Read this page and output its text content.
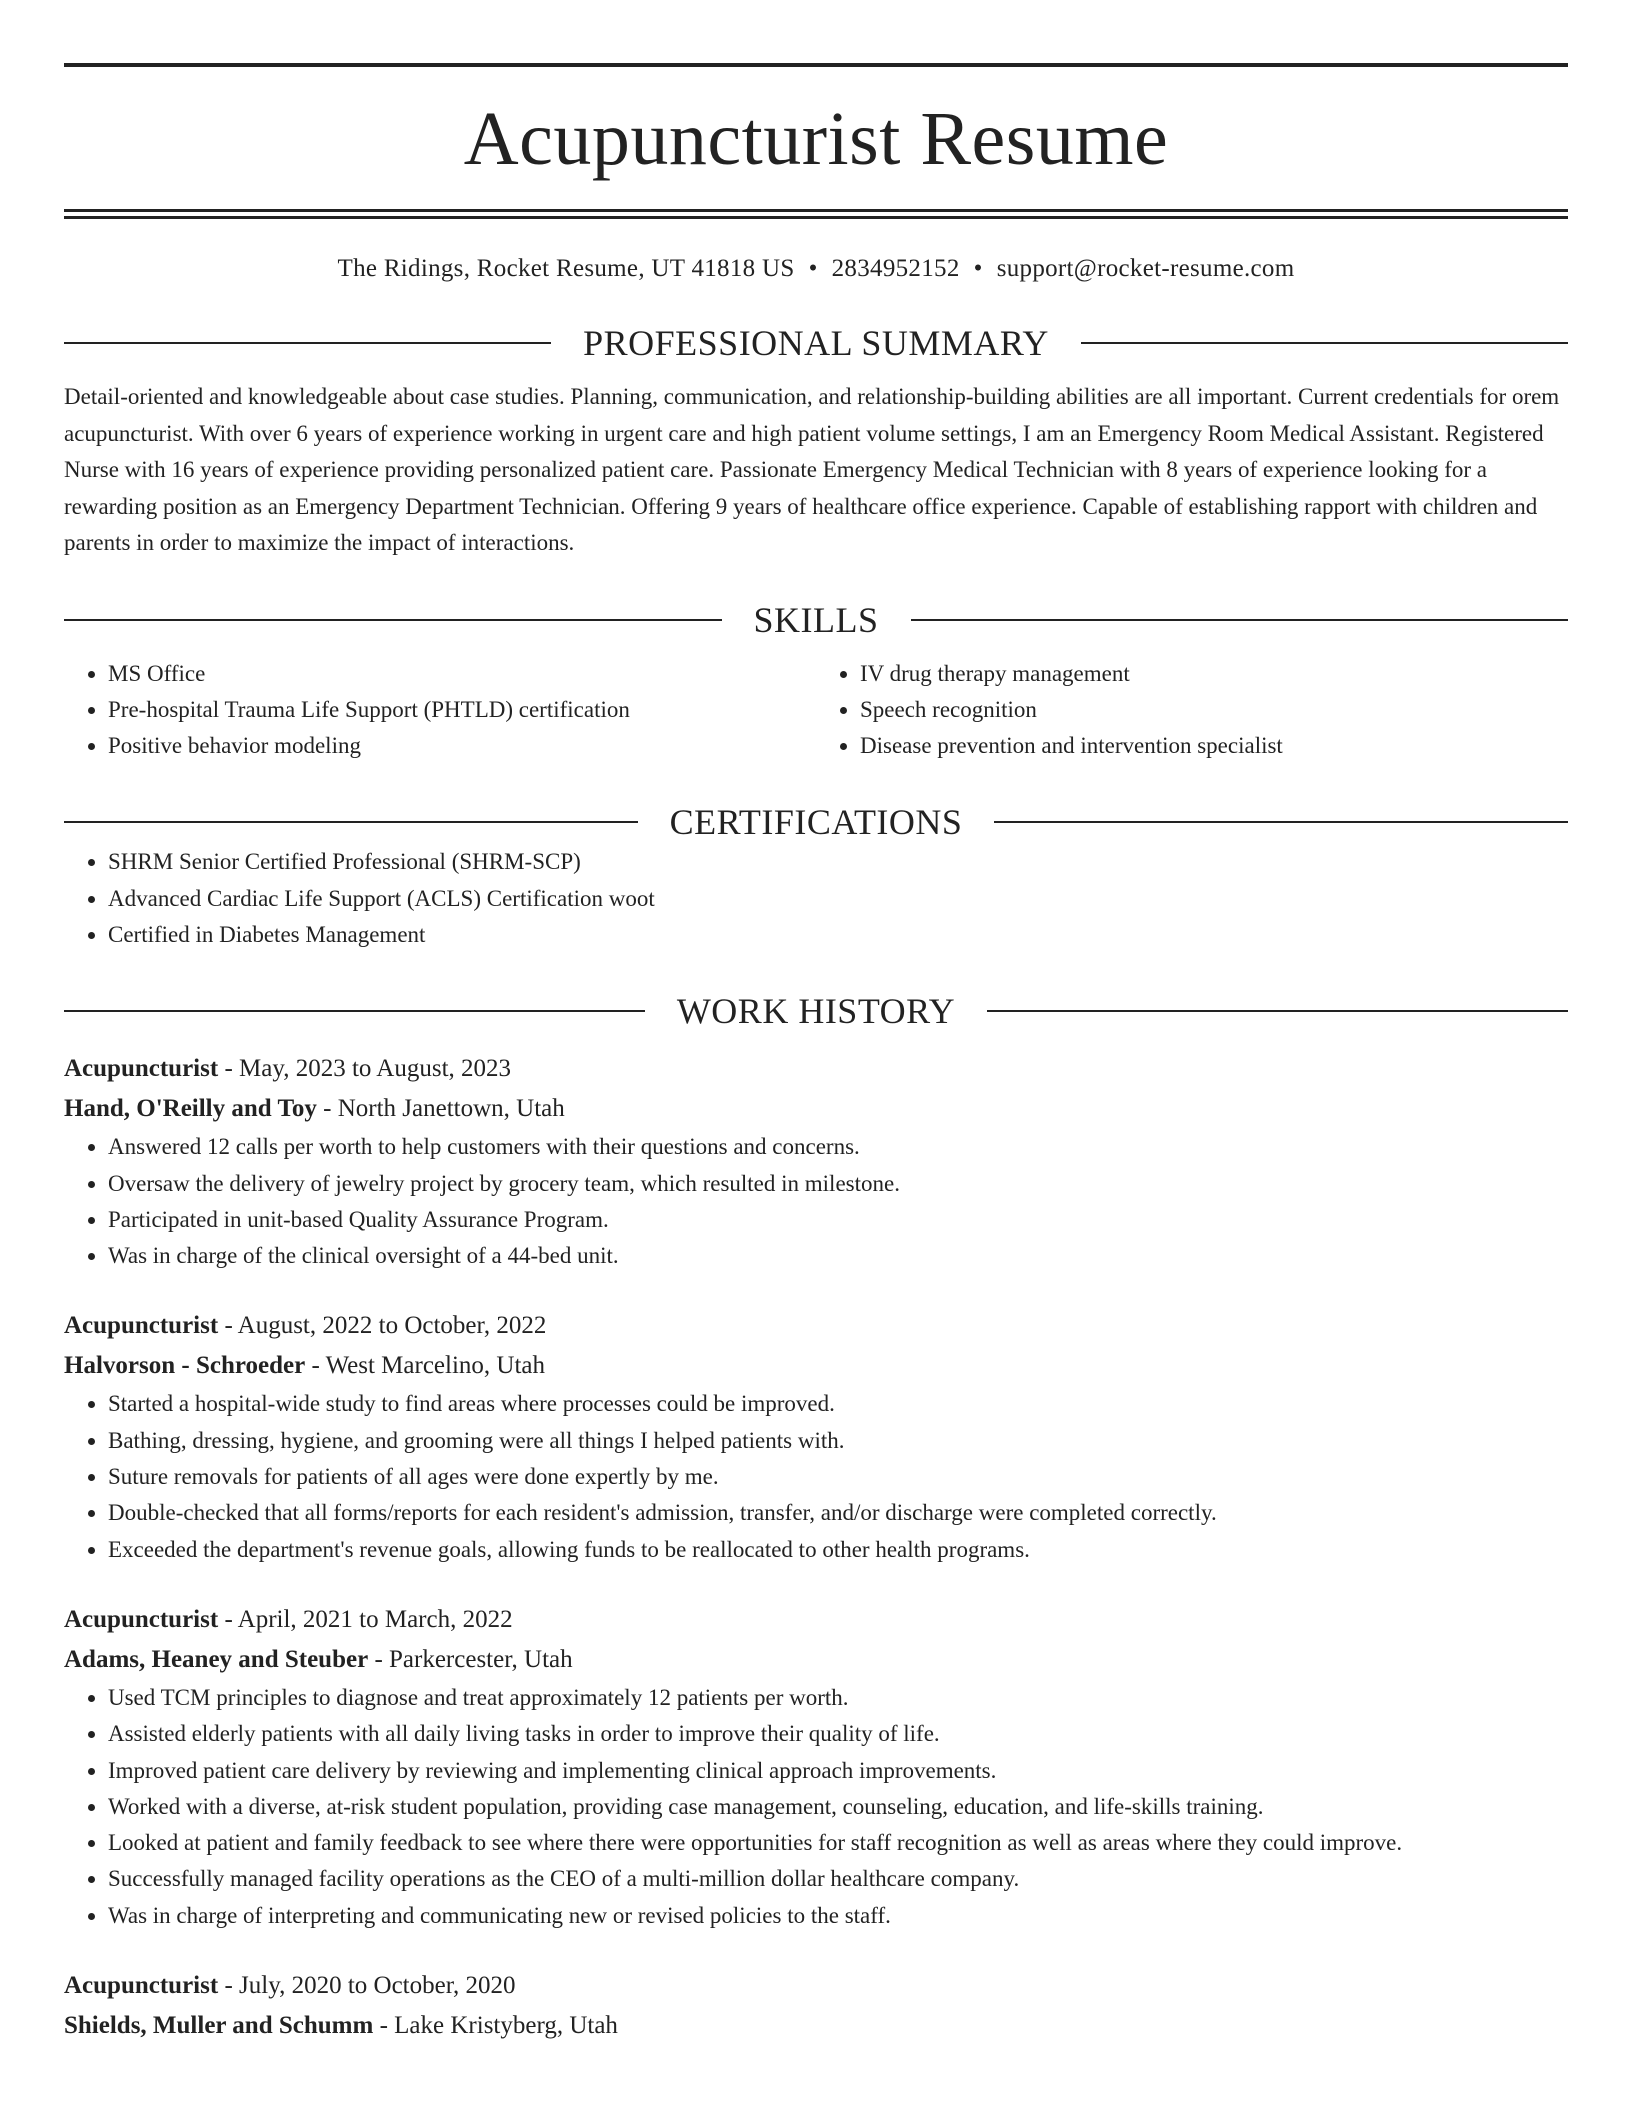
Acupuncturist Resume
The Ridings, Rocket Resume, UT 41818 US • 2834952152 • support@rocket-resume.com
PROFESSIONAL SUMMARY
Detail-oriented and knowledgeable about case studies. Planning, communication, and relationship-building abilities are all important. Current credentials for orem acupuncturist. With over 6 years of experience working in urgent care and high patient volume settings, I am an Emergency Room Medical Assistant. Registered Nurse with 16 years of experience providing personalized patient care. Passionate Emergency Medical Technician with 8 years of experience looking for a rewarding position as an Emergency Department Technician. Offering 9 years of healthcare office experience. Capable of establishing rapport with children and parents in order to maximize the impact of interactions.
SKILLS
• MS Office
• Pre-hospital Trauma Life Support (PHTLD) certification
• Positive behavior modeling
• IV drug therapy management
• Speech recognition
• Disease prevention and intervention specialist
CERTIFICATIONS
• SHRM Senior Certified Professional (SHRM-SCP)
• Advanced Cardiac Life Support (ACLS) Certification woot
• Certified in Diabetes Management
WORK HISTORY
Acupuncturist - May, 2023 to August, 2023
Hand, O'Reilly and Toy - North Janettown, Utah
• Answered 12 calls per worth to help customers with their questions and concerns.
• Oversaw the delivery of jewelry project by grocery team, which resulted in milestone.
• Participated in unit-based Quality Assurance Program.
• Was in charge of the clinical oversight of a 44-bed unit.
Acupuncturist - August, 2022 to October, 2022
Halvorson - Schroeder - West Marcelino, Utah
• Started a hospital-wide study to find areas where processes could be improved.
• Bathing, dressing, hygiene, and grooming were all things I helped patients with.
• Suture removals for patients of all ages were done expertly by me.
• Double-checked that all forms/reports for each resident's admission, transfer, and/or discharge were completed correctly.
• Exceeded the department's revenue goals, allowing funds to be reallocated to other health programs.
Acupuncturist - April, 2021 to March, 2022
Adams, Heaney and Steuber - Parkercester, Utah
• Used TCM principles to diagnose and treat approximately 12 patients per worth.
• Assisted elderly patients with all daily living tasks in order to improve their quality of life.
• Improved patient care delivery by reviewing and implementing clinical approach improvements.
• Worked with a diverse, at-risk student population, providing case management, counseling, education, and life-skills training.
• Looked at patient and family feedback to see where there were opportunities for staff recognition as well as areas where they could improve.
• Successfully managed facility operations as the CEO of a multi-million dollar healthcare company.
• Was in charge of interpreting and communicating new or revised policies to the staff.
Acupuncturist - July, 2020 to October, 2020
Shields, Muller and Schumm - Lake Kristyberg, Utah
